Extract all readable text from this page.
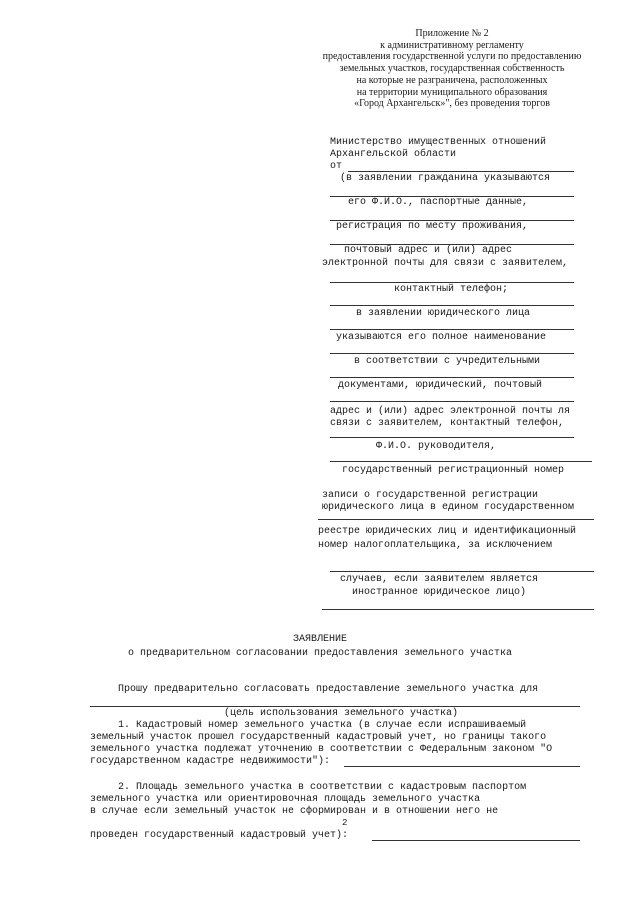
Приложение № 2
к административному регламенту
предоставления государственной услуги по предоставлению
земельных участков, государственная собственность
на которые не разграничена, расположенных
на территории муниципального образования
«Город Архангельск»", без проведения торгов
Министерство имущественных отношений
Архангельской области
от
(в заявлении гражданина указываются
его Ф.И.О., паспортные данные,
регистрация по месту проживания,
почтовый адрес и (или) адрес
электронной почты для связи с заявителем,
контактный телефон;
в заявлении юридического лица
указываются его полное наименование
в соответствии с учредительными
документами, юридический, почтовый
адрес и (или) адрес электронной почты ля
связи с заявителем, контактный телефон,
Ф.И.О. руководителя,
государственный регистрационный номер
записи о государственной регистрации
юридического лица в едином государственном
реестре юридических лиц и идентификационный
номер налогоплательщика, за исключением
случаев, если заявителем является
иностранное юридическое лицо)
ЗАЯВЛЕНИЕ
о предварительном согласовании предоставления земельного участка
Прошу предварительно согласовать предоставление земельного участка для
(цель использования земельного участка)
1. Кадастровый номер земельного участка (в случае если испрашиваемый
земельный участок прошел государственный кадастровый учет, но границы такого
земельного участка подлежат уточнению в соответствии с Федеральным законом "О
государственном кадастре недвижимости"):
2. Площадь земельного участка в соответствии с кадастровым паспортом
земельного участка или ориентировочная площадь земельного участка
в случае если земельный участок не сформирован и в отношении него не
2
проведен государственный кадастровый учет):
